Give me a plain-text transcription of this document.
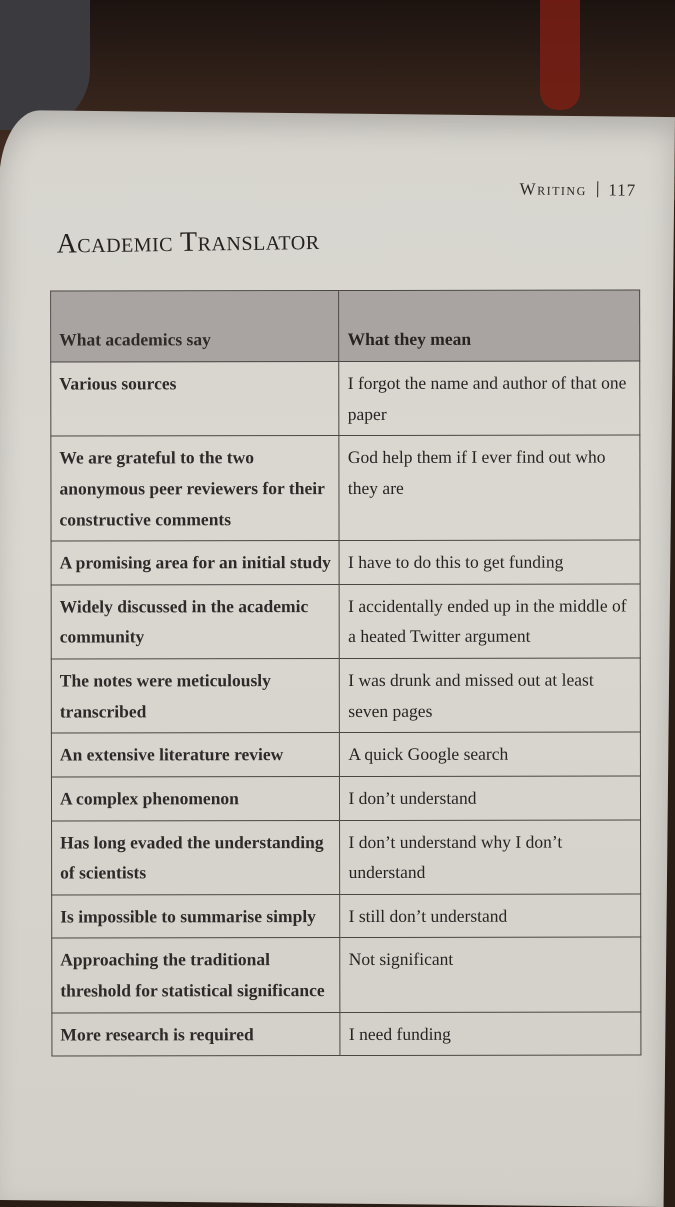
Writing 117
Academic Translator
What academics say	What they mean
Various sources	I forgot the name and author of that one paper
We are grateful to the two anonymous peer reviewers for their constructive comments	God help them if I ever find out who they are
A promising area for an initial study	I have to do this to get funding
Widely discussed in the academic community	I accidentally ended up in the middle of a heated Twitter argument
The notes were meticulously transcribed	I was drunk and missed out at least seven pages
An extensive literature review	A quick Google search
A complex phenomenon	I don’t understand
Has long evaded the understanding of scientists	I don’t understand why I don’t understand
Is impossible to summarise simply	I still don’t understand
Approaching the traditional threshold for statistical significance	Not significant
More research is required	I need funding
